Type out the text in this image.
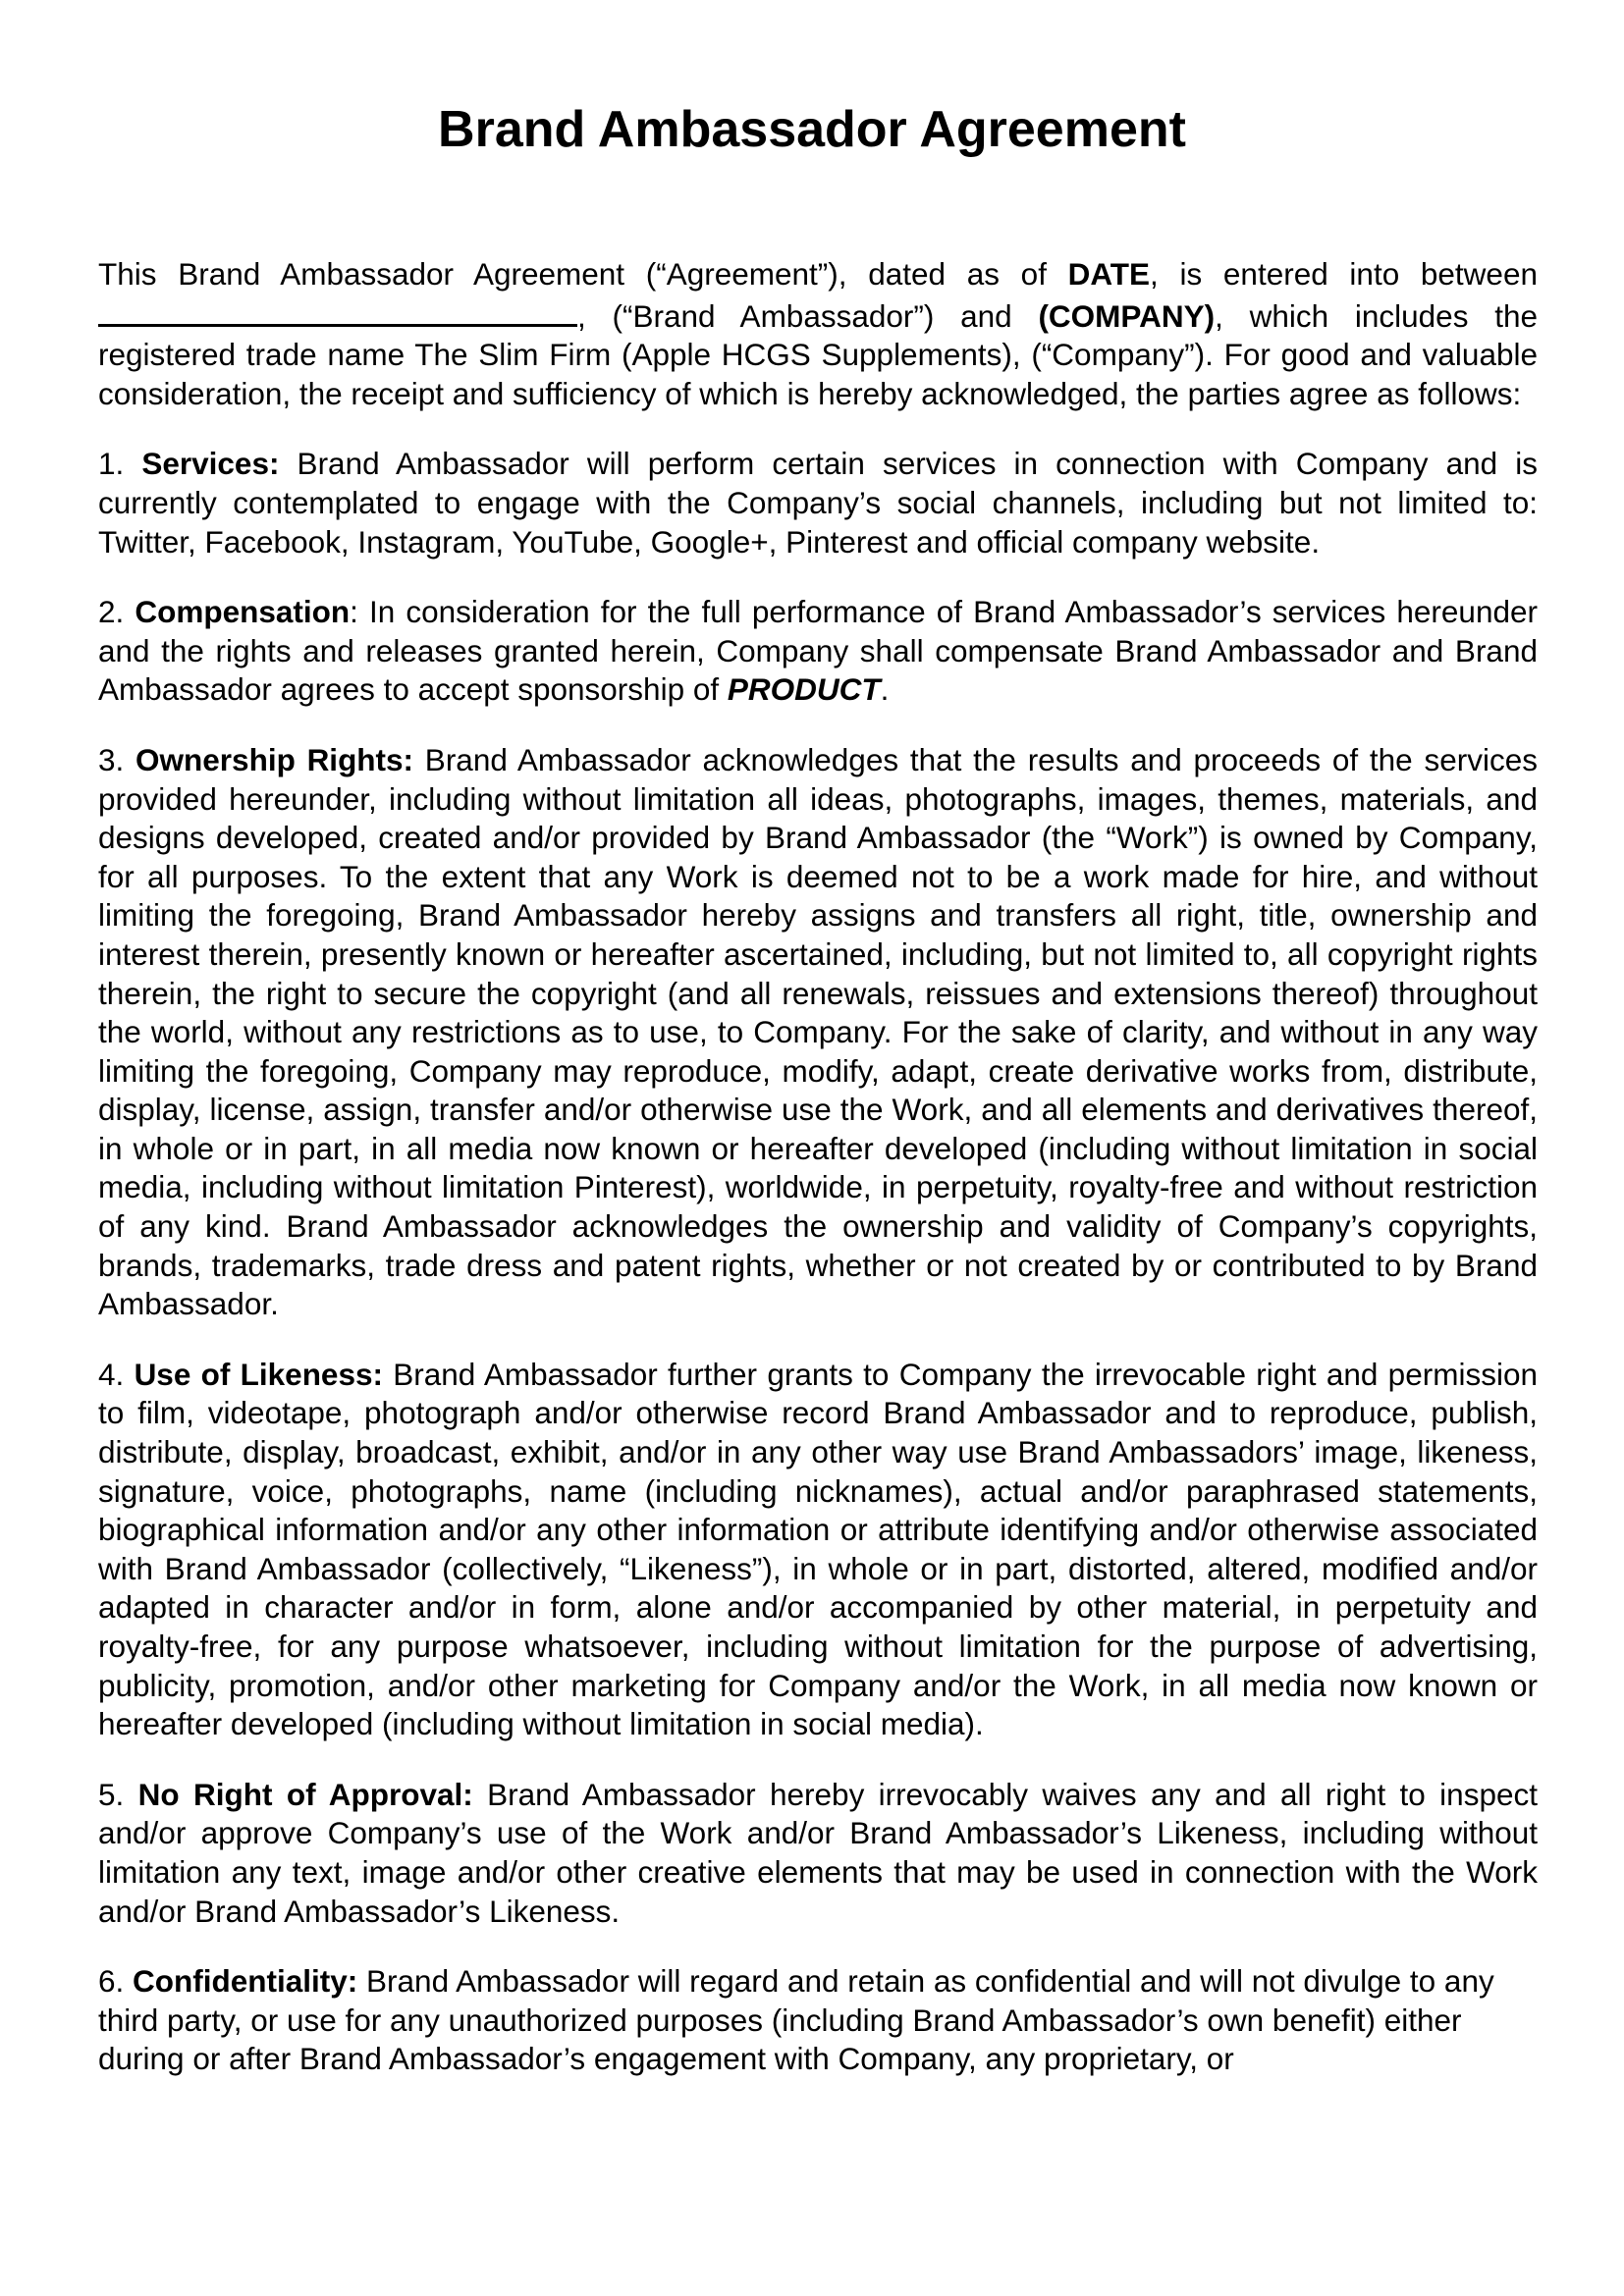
Brand Ambassador Agreement

This Brand Ambassador Agreement (“Agreement”), dated as of DATE, is entered into between, (“Brand Ambassador”) and (COMPANY), which includes the registered trade name The Slim Firm (Apple HCGS Supplements), (“Company”). For good and valuable consideration, the receipt and sufficiency of which is hereby acknowledged, the parties agree as follows:

1. Services: Brand Ambassador will perform certain services in connection with Company and is currently contemplated to engage with the Company’s social channels, including but not limited to: Twitter, Facebook, Instagram, YouTube, Google+, Pinterest and official company website.

2. Compensation: In consideration for the full performance of Brand Ambassador’s services hereunder and the rights and releases granted herein, Company shall compensate Brand Ambassador and Brand Ambassador agrees to accept sponsorship of PRODUCT.

3. Ownership Rights: Brand Ambassador acknowledges that the results and proceeds of the services provided hereunder, including without limitation all ideas, photographs, images, themes, materials, and designs developed, created and/or provided by Brand Ambassador (the “Work”) is owned by Company, for all purposes. To the extent that any Work is deemed not to be a work made for hire, and without limiting the foregoing, Brand Ambassador hereby assigns and transfers all right, title, ownership and interest therein, presently known or hereafter ascertained, including, but not limited to, all copyright rights therein, the right to secure the copyright (and all renewals, reissues and extensions thereof) throughout the world, without any restrictions as to use, to Company. For the sake of clarity, and without in any way limiting the foregoing, Company may reproduce, modify, adapt, create derivative works from, distribute, display, license, assign, transfer and/or otherwise use the Work, and all elements and derivatives thereof, in whole or in part, in all media now known or hereafter developed (including without limitation in social media, including without limitation Pinterest), worldwide, in perpetuity, royalty-free and without restriction of any kind. Brand Ambassador acknowledges the ownership and validity of Company’s copyrights, brands, trademarks, trade dress and patent rights, whether or not created by or contributed to by Brand Ambassador.

4. Use of Likeness: Brand Ambassador further grants to Company the irrevocable right and permission to film, videotape, photograph and/or otherwise record Brand Ambassador and to reproduce, publish, distribute, display, broadcast, exhibit, and/or in any other way use Brand Ambassadors’ image, likeness, signature, voice, photographs, name (including nicknames), actual and/or paraphrased statements, biographical information and/or any other information or attribute identifying and/or otherwise associated with Brand Ambassador (collectively, “Likeness”), in whole or in part, distorted, altered, modified and/or adapted in character and/or in form, alone and/or accompanied by other material, in perpetuity and royalty-free, for any purpose whatsoever, including without limitation for the purpose of advertising, publicity, promotion, and/or other marketing for Company and/or the Work, in all media now known or hereafter developed (including without limitation in social media).

5. No Right of Approval: Brand Ambassador hereby irrevocably waives any and all right to inspect and/or approve Company’s use of the Work and/or Brand Ambassador’s Likeness, including without limitation any text, image and/or other creative elements that may be used in connection with the Work and/or Brand Ambassador’s Likeness.

6. Confidentiality: Brand Ambassador will regard and retain as confidential and will not divulge to any third party, or use for any unauthorized purposes (including Brand Ambassador’s own benefit) either during or after Brand Ambassador’s engagement with Company, any proprietary, or
